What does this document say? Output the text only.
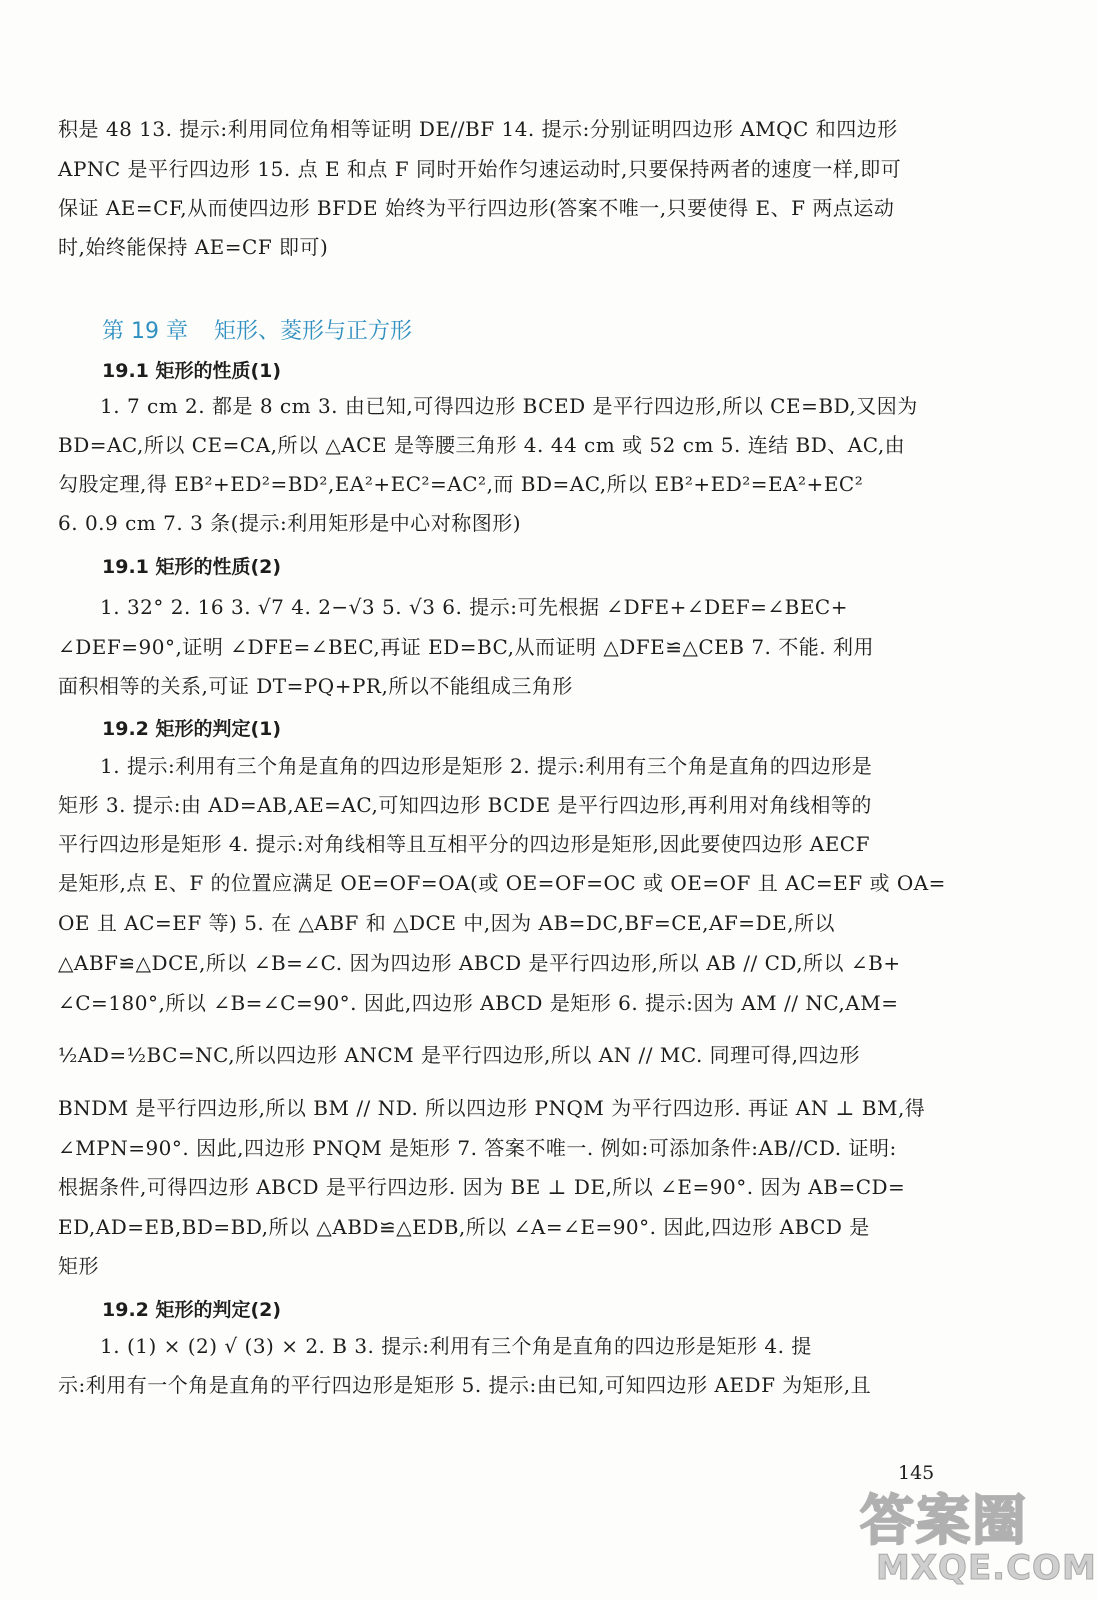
积是 48 13. 提示:利用同位角相等证明 DE//BF 14. 提示:分别证明四边形 AMQC 和四边形
APNC 是平行四边形 15. 点 E 和点 F 同时开始作匀速运动时,只要保持两者的速度一样,即可
保证 AE=CF,从而使四边形 BFDE 始终为平行四边形(答案不唯一,只要使得 E、F 两点运动
时,始终能保持 AE=CF 即可)
第 19 章 矩形、菱形与正方形
19.1 矩形的性质(1)
1. 7 cm 2. 都是 8 cm 3. 由已知,可得四边形 BCED 是平行四边形,所以 CE=BD,又因为
BD=AC,所以 CE=CA,所以 △ACE 是等腰三角形 4. 44 cm 或 52 cm 5. 连结 BD、AC,由
勾股定理,得 EB²+ED²=BD²,EA²+EC²=AC²,而 BD=AC,所以 EB²+ED²=EA²+EC²
6. 0.9 cm 7. 3 条(提示:利用矩形是中心对称图形)
19.1 矩形的性质(2)
1. 32° 2. 16 3. √7 4. 2−√3 5. √3 6. 提示:可先根据 ∠DFE+∠DEF=∠BEC+
∠DEF=90°,证明 ∠DFE=∠BEC,再证 ED=BC,从而证明 △DFE≌△CEB 7. 不能. 利用
面积相等的关系,可证 DT=PQ+PR,所以不能组成三角形
19.2 矩形的判定(1)
1. 提示:利用有三个角是直角的四边形是矩形 2. 提示:利用有三个角是直角的四边形是
矩形 3. 提示:由 AD=AB,AE=AC,可知四边形 BCDE 是平行四边形,再利用对角线相等的
平行四边形是矩形 4. 提示:对角线相等且互相平分的四边形是矩形,因此要使四边形 AECF
是矩形,点 E、F 的位置应满足 OE=OF=OA(或 OE=OF=OC 或 OE=OF 且 AC=EF 或 OA=
OE 且 AC=EF 等) 5. 在 △ABF 和 △DCE 中,因为 AB=DC,BF=CE,AF=DE,所以
△ABF≌△DCE,所以 ∠B=∠C. 因为四边形 ABCD 是平行四边形,所以 AB // CD,所以 ∠B+
∠C=180°,所以 ∠B=∠C=90°. 因此,四边形 ABCD 是矩形 6. 提示:因为 AM // NC,AM=
½AD=½BC=NC,所以四边形 ANCM 是平行四边形,所以 AN // MC. 同理可得,四边形
BNDM 是平行四边形,所以 BM // ND. 所以四边形 PNQM 为平行四边形. 再证 AN ⊥ BM,得
∠MPN=90°. 因此,四边形 PNQM 是矩形 7. 答案不唯一. 例如:可添加条件:AB//CD. 证明:
根据条件,可得四边形 ABCD 是平行四边形. 因为 BE ⊥ DE,所以 ∠E=90°. 因为 AB=CD=
ED,AD=EB,BD=BD,所以 △ABD≌△EDB,所以 ∠A=∠E=90°. 因此,四边形 ABCD 是
矩形
19.2 矩形的判定(2)
1. (1) × (2) √ (3) × 2. B 3. 提示:利用有三个角是直角的四边形是矩形 4. 提
示:利用有一个角是直角的平行四边形是矩形 5. 提示:由已知,可知四边形 AEDF 为矩形,且
145
答案圈
MXQE.COM
